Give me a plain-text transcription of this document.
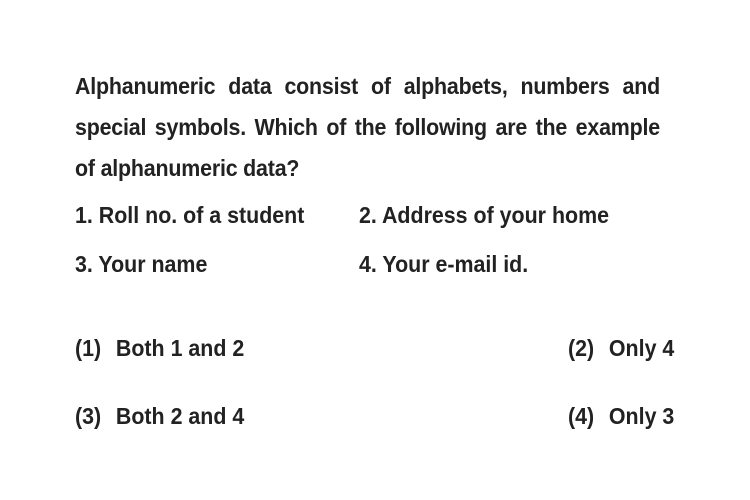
Alphanumeric data consist of alphabets, numbers and special symbols. Which of the following are the example of alphanumeric data?

1. Roll no. of a student 2. Address of your home
3. Your name	4. Your e-mail id.
(1) Both 1 and 2	(2) Only 4
(3) Both 2 and 4	(4) Only 3
